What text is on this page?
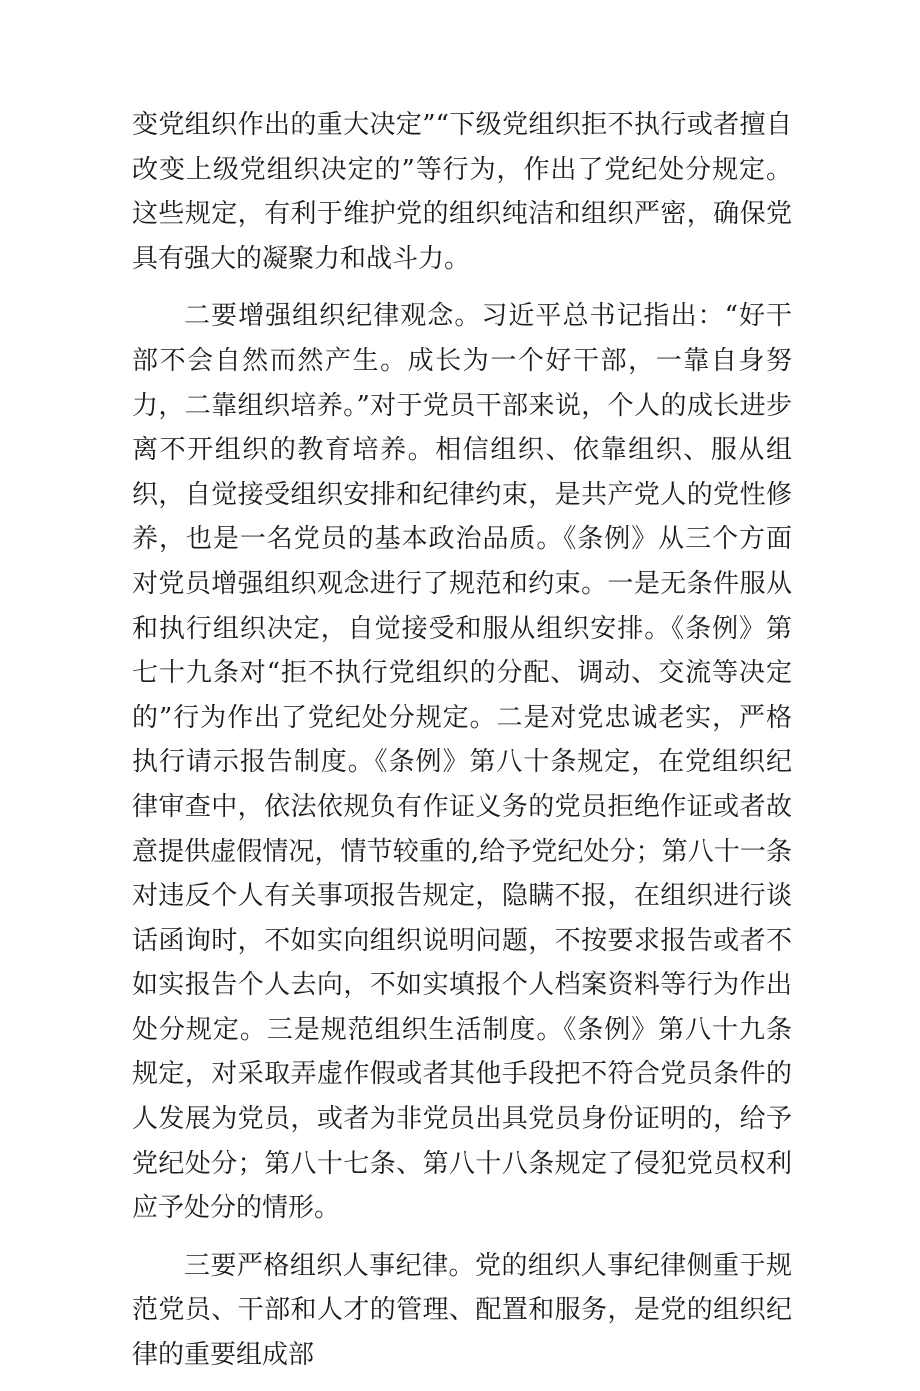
变党组织作出的重大决定”“下级党组织拒不执行或者擅自改变上级党组织决定的”等行为，作出了党纪处分规定。这些规定，有利于维护党的组织纯洁和组织严密，确保党具有强大的凝聚力和战斗力。

二要增强组织纪律观念。习近平总书记指出：“好干部不会自然而然产生。成长为一个好干部，一靠自身努力，二靠组织培养。”对于党员干部来说，个人的成长进步离不开组织的教育培养。相信组织、依靠组织、服从组织，自觉接受组织安排和纪律约束，是共产党人的党性修养，也是一名党员的基本政治品质。《条例》从三个方面对党员增强组织观念进行了规范和约束。一是无条件服从和执行组织决定，自觉接受和服从组织安排。《条例》第七十九条对“拒不执行党组织的分配、调动、交流等决定的”行为作出了党纪处分规定。二是对党忠诚老实，严格执行请示报告制度。《条例》第八十条规定，在党组织纪律审查中，依法依规负有作证义务的党员拒绝作证或者故意提供虚假情况，情节较重的,给予党纪处分；第八十一条对违反个人有关事项报告规定，隐瞒不报，在组织进行谈话函询时，不如实向组织说明问题，不按要求报告或者不如实报告个人去向，不如实填报个人档案资料等行为作出处分规定。三是规范组织生活制度。《条例》第八十九条规定，对采取弄虚作假或者其他手段把不符合党员条件的人发展为党员，或者为非党员出具党员身份证明的，给予党纪处分；第八十七条、第八十八条规定了侵犯党员权利应予处分的情形。

三要严格组织人事纪律。党的组织人事纪律侧重于规范党员、干部和人才的管理、配置和服务，是党的组织纪律的重要组成部
